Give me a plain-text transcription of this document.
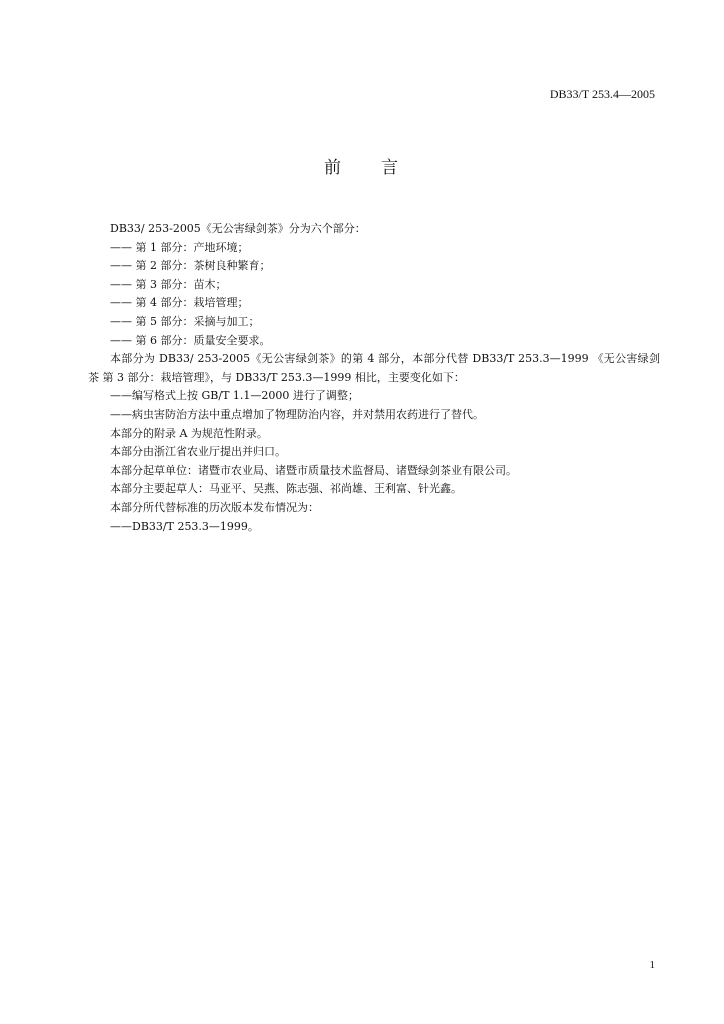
DB33/T 253.4—2005
前 言

DB33/ 253-2005《无公害绿剑茶》分为六个部分：

—— 第 1 部分：产地环境；

—— 第 2 部分：茶树良种繁育；

—— 第 3 部分：苗木；

—— 第 4 部分：栽培管理；

—— 第 5 部分：采摘与加工；

—— 第 6 部分：质量安全要求。

本部分为 DB33/ 253-2005《无公害绿剑茶》的第 4 部分，本部分代替 DB33/T 253.3—1999 《无公害绿剑茶 第 3 部分：栽培管理》，与 DB33/T 253.3—1999 相比，主要变化如下：

——编写格式上按 GB/T 1.1—2000 进行了调整；

——病虫害防治方法中重点增加了物理防治内容，并对禁用农药进行了替代。

本部分的附录 A 为规范性附录。

本部分由浙江省农业厅提出并归口。

本部分起草单位：诸暨市农业局、诸暨市质量技术监督局、诸暨绿剑茶业有限公司。

本部分主要起草人：马亚平、吴燕、陈志强、祁尚雄、王利富、针光鑫。

本部分所代替标准的历次版本发布情况为：

——DB33/T 253.3—1999。

1
